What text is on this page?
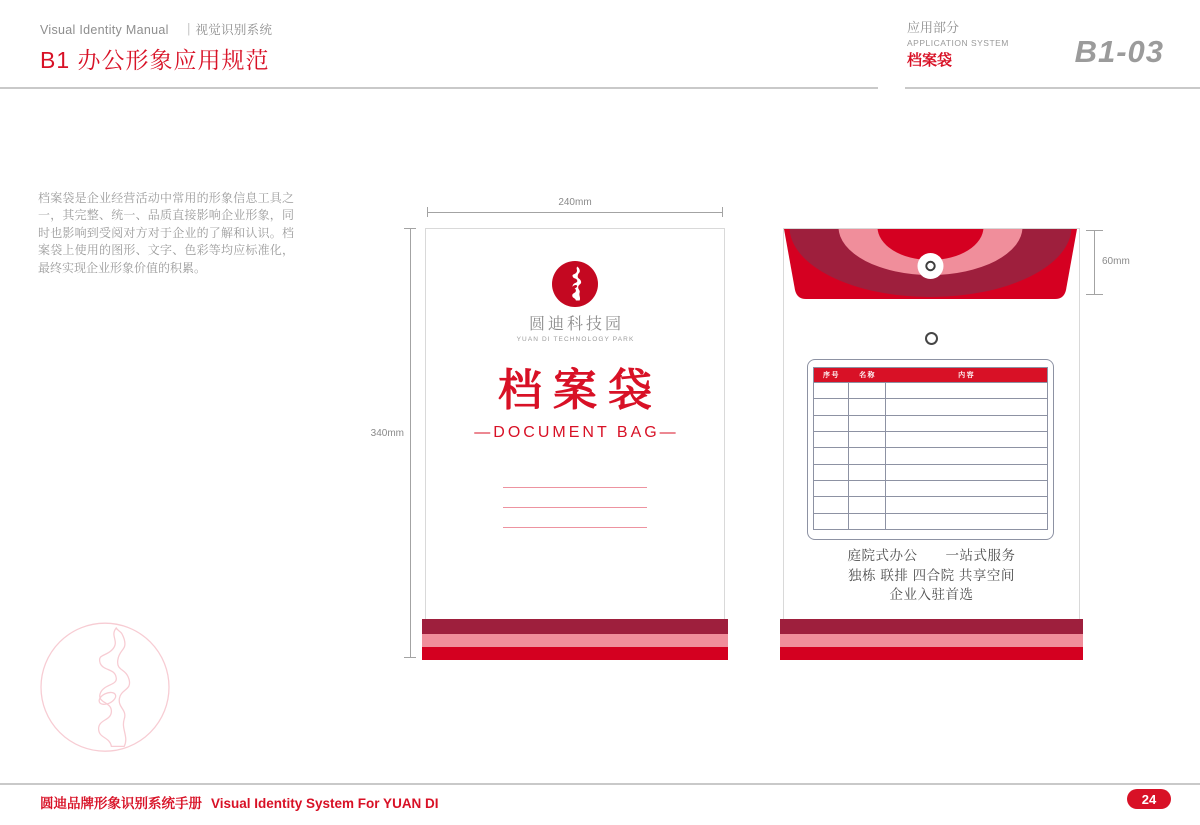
Visual Identity Manual ｜视觉识别系统
B1 办公形象应用规范
应用部分
APPLICATION SYSTEM
档案袋	B1-03
档案袋是企业经营活动中常用的形象信息工具之一，其完整、统一、品质直接影响企业形象，同时也影响到受阅对方对于企业的了解和认识。档案袋上使用的图形、文字、色彩等均应标准化，最终实现企业形象价值的积累。
240mm
340mm
圆迪科技园
YUAN DI TECHNOLOGY PARK
档案袋
—DOCUMENT BAG—
序号	名称	内容
庭院式办公　　一站式服务
独栋 联排 四合院 共享空间
企业入驻首选
60mm
圆迪品牌形象识别系统手册 Visual Identity System For YUAN DI	24
